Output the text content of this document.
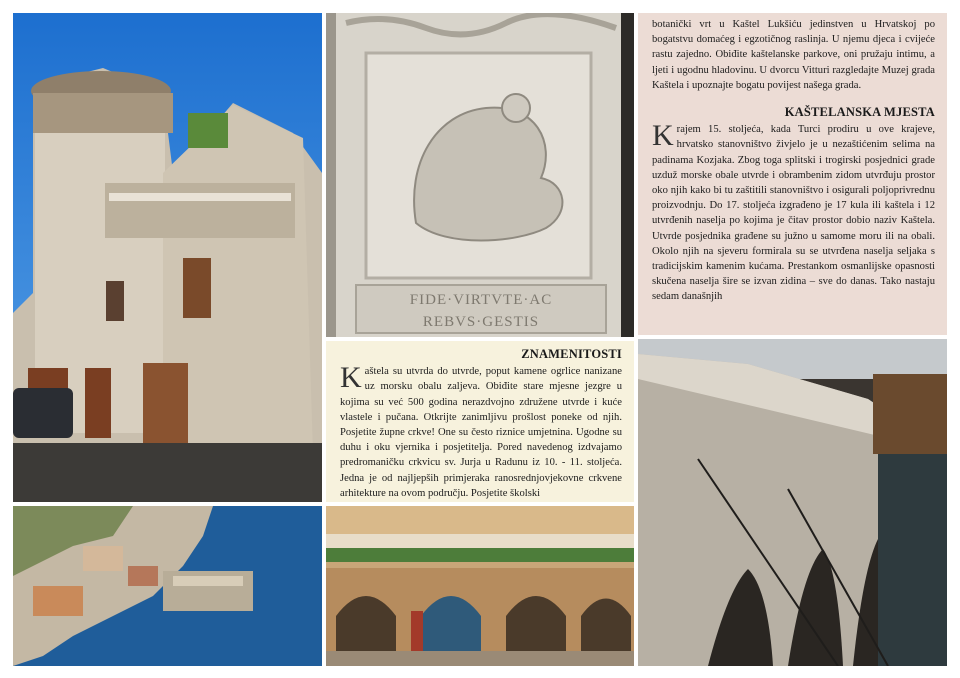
FIDE·VIRTVTE·AC
REBVS·GESTIS

botanički vrt u Kaštel Lukšiću jedinstven u Hrvatskoj po bogatstvu domaćeg i egzotičnog raslinja. U njemu djeca i cvijeće rastu zajedno. Obiđite kaštelanske parkove, oni pružaju intimu, a ljeti i ugodnu hladovinu. U dvorcu Vitturi razgledajte Muzej grada Kaštela i upoznajte bogatu povijest našega grada.

KAŠTELANSKA MJESTA

Krajem 15. stoljeća, kada Turci prodiru u ove krajeve, hrvatsko stanovništvo živjelo je u nezaštićenim selima na padinama Kozjaka. Zbog toga splitski i trogirski posjednici grade uzduž morske obale utvrde i obrambenim zidom utvrđuju prostor oko njih kako bi tu zaštitili stanovništvo i osigurali poljoprivrednu proizvodnju. Do 17. stoljeća izgrađeno je 17 kula ili kaštela i 12 utvrđenih naselja po kojima je čitav prostor dobio naziv Kaštela. Utvrde posjednika građene su južno u samome moru ili na obali. Okolo njih na sjeveru formirala su se utvrđena naselja seljaka s tradicijskim kamenim kućama. Prestankom osmanlijske opasnosti skučena naselja šire se izvan zidina – sve do danas. Tako nastaju sedam današnjih

ZNAMENITOSTI

Kaštela su utvrda do utvrde, poput kamene ogrlice nanizane uz morsku obalu zaljeva. Obiđite stare mjesne jezgre u kojima su već 500 godina nerazdvojno združene utvrde i kuće vlastele i pučana. Otkrijte zanimljivu prošlost poneke od njih. Posjetite župne crkve! One su često riznice umjetnina. Ugodne su duhu i oku vjernika i posjetitelja. Pored navedenog izdvajamo predromaničku crkvicu sv. Jurja u Radunu iz 10. - 11. stoljeća. Jedna je od najljepših primjeraka ranosrednjovjekovne crkvene arhitekture na ovom području. Posjetite školski
